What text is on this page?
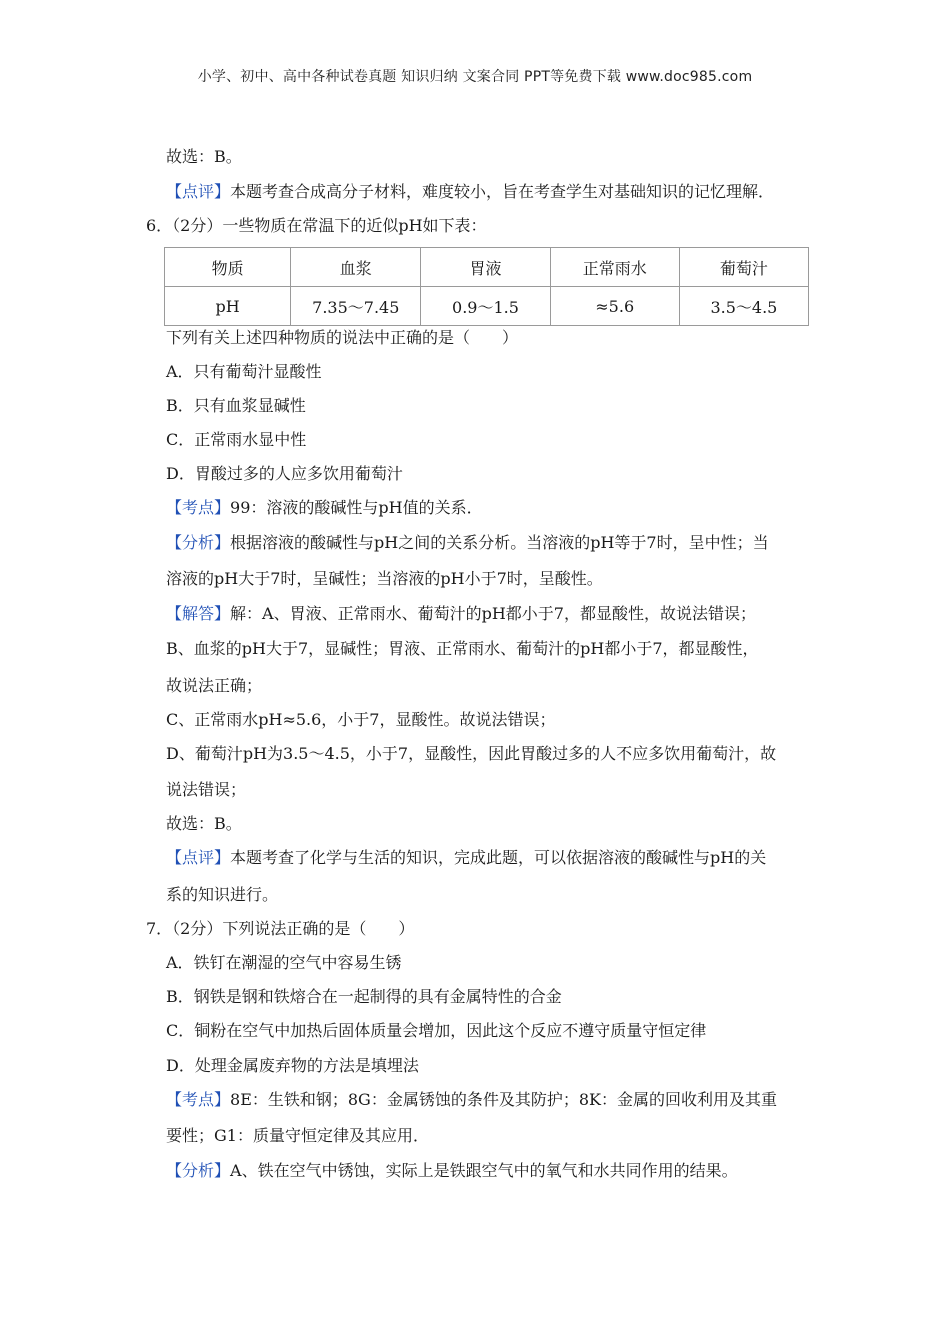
小学、初中、高中各种试卷真题 知识归纳 文案合同 PPT等免费下载 www.doc985.com
故选：B。
【点评】本题考查合成高分子材料，难度较小，旨在考查学生对基础知识的记忆理解．
6．（2分）一些物质在常温下的近似pH如下表：
物质	血浆	胃液	正常雨水	葡萄汁
pH	7.35～7.45	0.9～1.5	≈5.6	3.5～4.5
下列有关上述四种物质的说法中正确的是（　　）
A．只有葡萄汁显酸性
B．只有血浆显碱性
C．正常雨水显中性
D．胃酸过多的人应多饮用葡萄汁
【考点】99：溶液的酸碱性与pH值的关系．
【分析】根据溶液的酸碱性与pH之间的关系分析。当溶液的pH等于7时，呈中性；当
溶液的pH大于7时，呈碱性；当溶液的pH小于7时，呈酸性。
【解答】解：A、胃液、正常雨水、葡萄汁的pH都小于7，都显酸性，故说法错误；
B、血浆的pH大于7，显碱性；胃液、正常雨水、葡萄汁的pH都小于7，都显酸性，
故说法正确；
C、正常雨水pH≈5.6，小于7，显酸性。故说法错误；
D、葡萄汁pH为3.5～4.5，小于7，显酸性，因此胃酸过多的人不应多饮用葡萄汁，故
说法错误；
故选：B。
【点评】本题考查了化学与生活的知识，完成此题，可以依据溶液的酸碱性与pH的关
系的知识进行。
7．（2分）下列说法正确的是（　　）
A．铁钉在潮湿的空气中容易生锈
B．钢铁是钢和铁熔合在一起制得的具有金属特性的合金
C．铜粉在空气中加热后固体质量会增加，因此这个反应不遵守质量守恒定律
D．处理金属废弃物的方法是填埋法
【考点】8E：生铁和钢；8G：金属锈蚀的条件及其防护；8K：金属的回收利用及其重
要性；G1：质量守恒定律及其应用．
【分析】A、铁在空气中锈蚀，实际上是铁跟空气中的氧气和水共同作用的结果。
